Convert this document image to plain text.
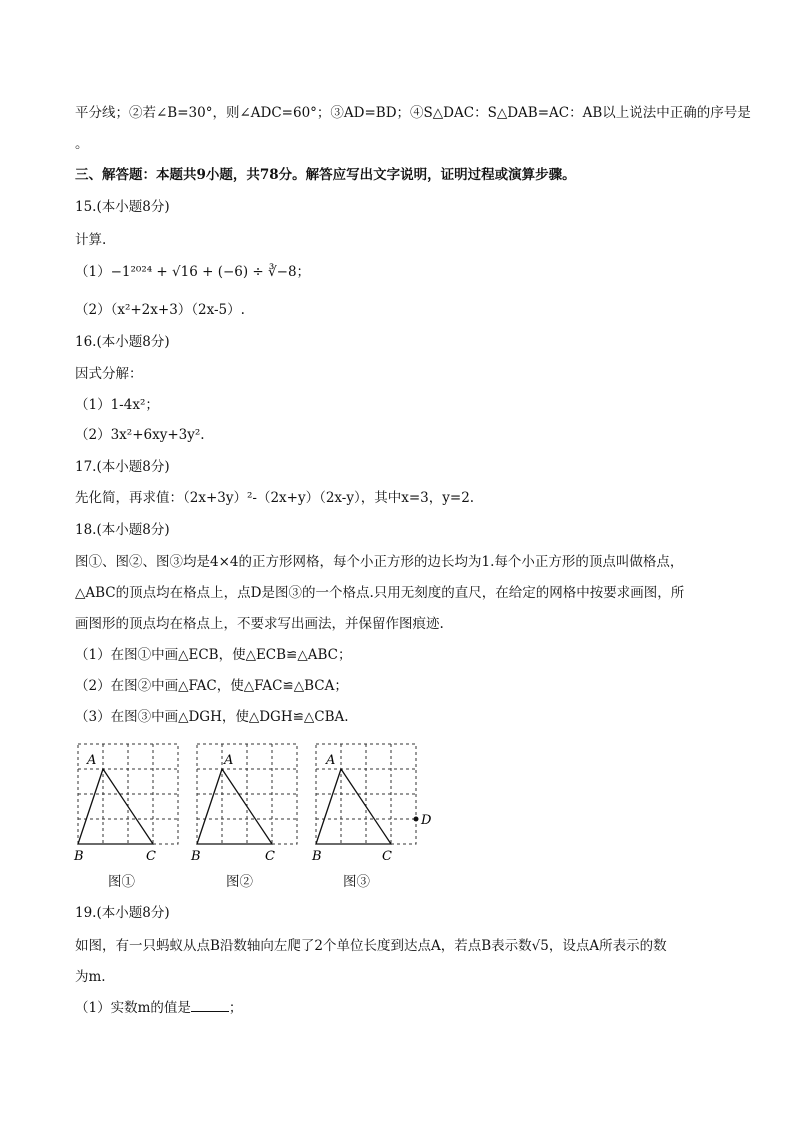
平分线；②若∠B=30°，则∠ADC=60°；③AD=BD；④S△DAC：S△DAB=AC：AB以上说法中正确的序号是
。
三、解答题：本题共9小题，共78分。解答应写出文字说明，证明过程或演算步骤。
15.(本小题8分)
计算.
（1）−1²⁰²⁴ + √16 + (−6) ÷ ∛−8；
（2）（x²+2x+3）（2x-5）.
16.(本小题8分)
因式分解：
（1）1-4x²；
（2）3x²+6xy+3y².
17.(本小题8分)
先化简，再求值：（2x+3y）²-（2x+y）（2x-y），其中x=3，y=2.
18.(本小题8分)
图①、图②、图③均是4×4的正方形网格，每个小正方形的边长均为1.每个小正方形的顶点叫做格点，
△ABC的顶点均在格点上，点D是图③的一个格点.只用无刻度的直尺，在给定的网格中按要求画图，所
画图形的顶点均在格点上，不要求写出画法，并保留作图痕迹.
（1）在图①中画△ECB，使△ECB≌△ABC；
（2）在图②中画△FAC，使△FAC≌△BCA；
（3）在图③中画△DGH，使△DGH≌△CBA.
A
B	C
图①
A
B	C
图②
A
B	C
D
图③
19.(本小题8分)
如图，有一只蚂蚁从点B沿数轴向左爬了2个单位长度到达点A，若点B表示数√5，设点A所表示的数
为m.
（1）实数m的值是	；
